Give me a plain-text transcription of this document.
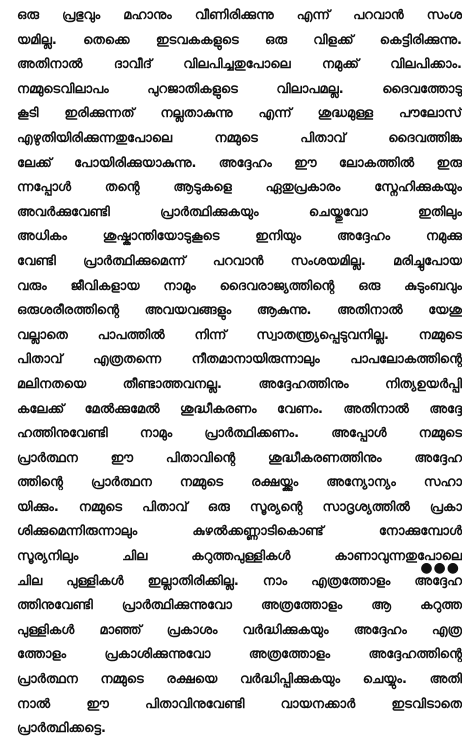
ഒരു പ്രഭുവും മഹാനും വീണിരിക്കുന്നു എന്ന് പറവാൻ സംശ
യമില്ല. തെക്കെ ഇടവകകളുടെ ഒരു വിളക്ക് കെട്ടിരിക്കുന്നു.
അതിനാൽ ദാവീദ് വിലപിച്ചതുപോലെ നമുക്ക് വിലപിക്കാം.
നമ്മുടെവിലാപം പുറജാതികളുടെ വിലാപമല്ല. ദൈവത്തോടു
കൂടി ഇരിക്കുന്നത് നല്ലതാകുന്നു എന്ന് ശുദ്ധമുള്ള പൗലോസ്
എഴുതിയിരിക്കുന്നതുപോലെ നമ്മുടെ പിതാവ് ദൈവത്തിങ്ക
ലേക്ക് പോയിരിക്കുയാകുന്നു. അദ്ദേഹം ഈ ലോകത്തിൽ ഇരു
ന്നപ്പോൾ തന്റെ ആടുകളെ ഏതുപ്രകാരം സ്നേഹിക്കുകയും
അവർക്കുവേണ്ടി പ്രാർത്ഥിക്കുകയും ചെയ്തുവോ ഇതിലും
അധികം ശുഷ്കാന്തിയോടുകൂടെ ഇനിയും അദ്ദേഹം നമുക്കു
വേണ്ടി പ്രാർത്ഥിക്കുമെന്ന് പറവാൻ സംശയമില്ല. മരിച്ചുപോയ
വരും ജീവികളായ നാമും ദൈവരാജ്യത്തിന്റെ ഒരു കുടുംബവും
ഒരുശരീരത്തിന്റെ അവയവങ്ങളും ആകുന്നു. അതിനാൽ യേശു
വല്ലാതെ പാപത്തിൽ നിന്ന് സ്വാതന്ത്ര്യപ്പെടുവനില്ല. നമ്മുടെ
പിതാവ് എത്രതന്നെ നീതമാനായിരുന്നാലും പാപലോകത്തിന്റെ
മലിനതയെ തീണ്ടാത്തവനല്ല. അദ്ദേഹത്തിനും നിത്യഉയർപ്പി
കലേക്ക് മേൽക്കുമേൽ ശുദ്ധീകരണം വേണം. അതിനാൽ അദ്ദേ
ഹത്തിനുവേണ്ടി നാമും പ്രാർത്ഥിക്കണം. അപ്പോൾ നമ്മുടെ
പ്രാർത്ഥന ഈ പിതാവിന്റെ ശുദ്ധീകരണത്തിനും അദ്ദേഹ
ത്തിന്റെ പ്രാർത്ഥന നമ്മുടെ രക്ഷയ്ക്കും അന്യോന്യം സഹാ
യിക്കും. നമ്മുടെ പിതാവ് ഒരു സൂര്യന്റെ സാദൃശ്യത്തിൽ പ്രകാ
ശിക്കുമെന്നിരുന്നാലും കുഴൽക്കണ്ണാടികൊണ്ട് നോക്കുമ്പോൾ
സൂര്യനിലും ചില കറുത്തപുള്ളികൾ കാണാവുന്നതുപോലെ
ചില പുള്ളികൾ ഇല്ലാതിരിക്കില്ല. നാം എത്രത്തോളം അദ്ദേഹ
ത്തിനുവേണ്ടി പ്രാർത്ഥിക്കുന്നുവോ അത്രത്തോളം ആ കറുത്ത
പുള്ളികൾ മാഞ്ഞ് പ്രകാശം വർദ്ധിക്കുകയും അദ്ദേഹം എത്ര
ത്തോളം പ്രകാശിക്കുന്നുവോ അത്രത്തോളം അദ്ദേഹത്തിന്റെ
പ്രാർത്ഥന നമ്മുടെ രക്ഷയെ വർദ്ധിപ്പിക്കുകയും ചെയ്യും. അതി
നാൽ ഈ പിതാവിനുവേണ്ടി വായനക്കാർ ഇടവിടാതെ
പ്രാർത്ഥിക്കട്ടെ.
●●●
